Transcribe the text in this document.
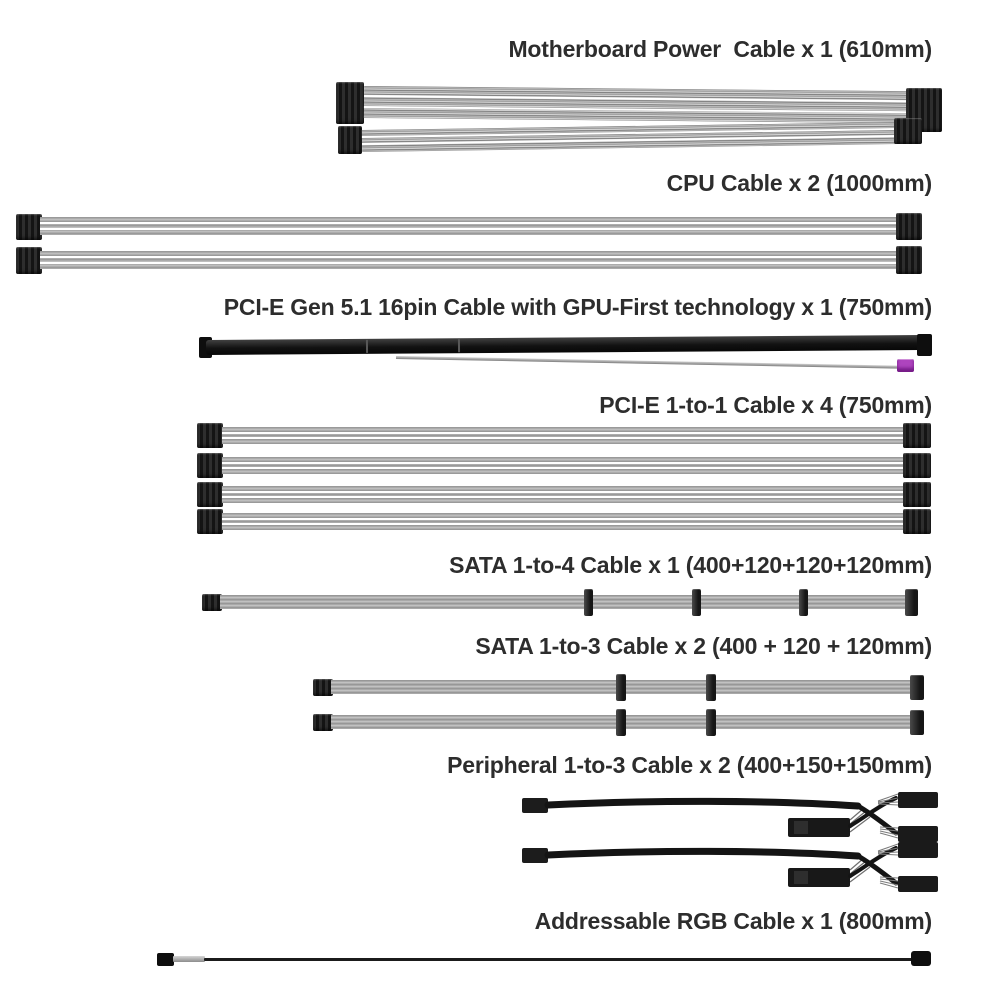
Motherboard Power  Cable x 1 (610mm)
CPU Cable x 2 (1000mm)
PCI-E Gen 5.1 16pin Cable with GPU-First technology x 1 (750mm)
PCI-E 1-to-1 Cable x 4 (750mm)
SATA 1-to-4 Cable x 1 (400+120+120+120mm)
SATA 1-to-3 Cable x 2 (400 + 120 + 120mm)
Peripheral 1-to-3 Cable x 2 (400+150+150mm)
Addressable RGB Cable x 1 (800mm)
